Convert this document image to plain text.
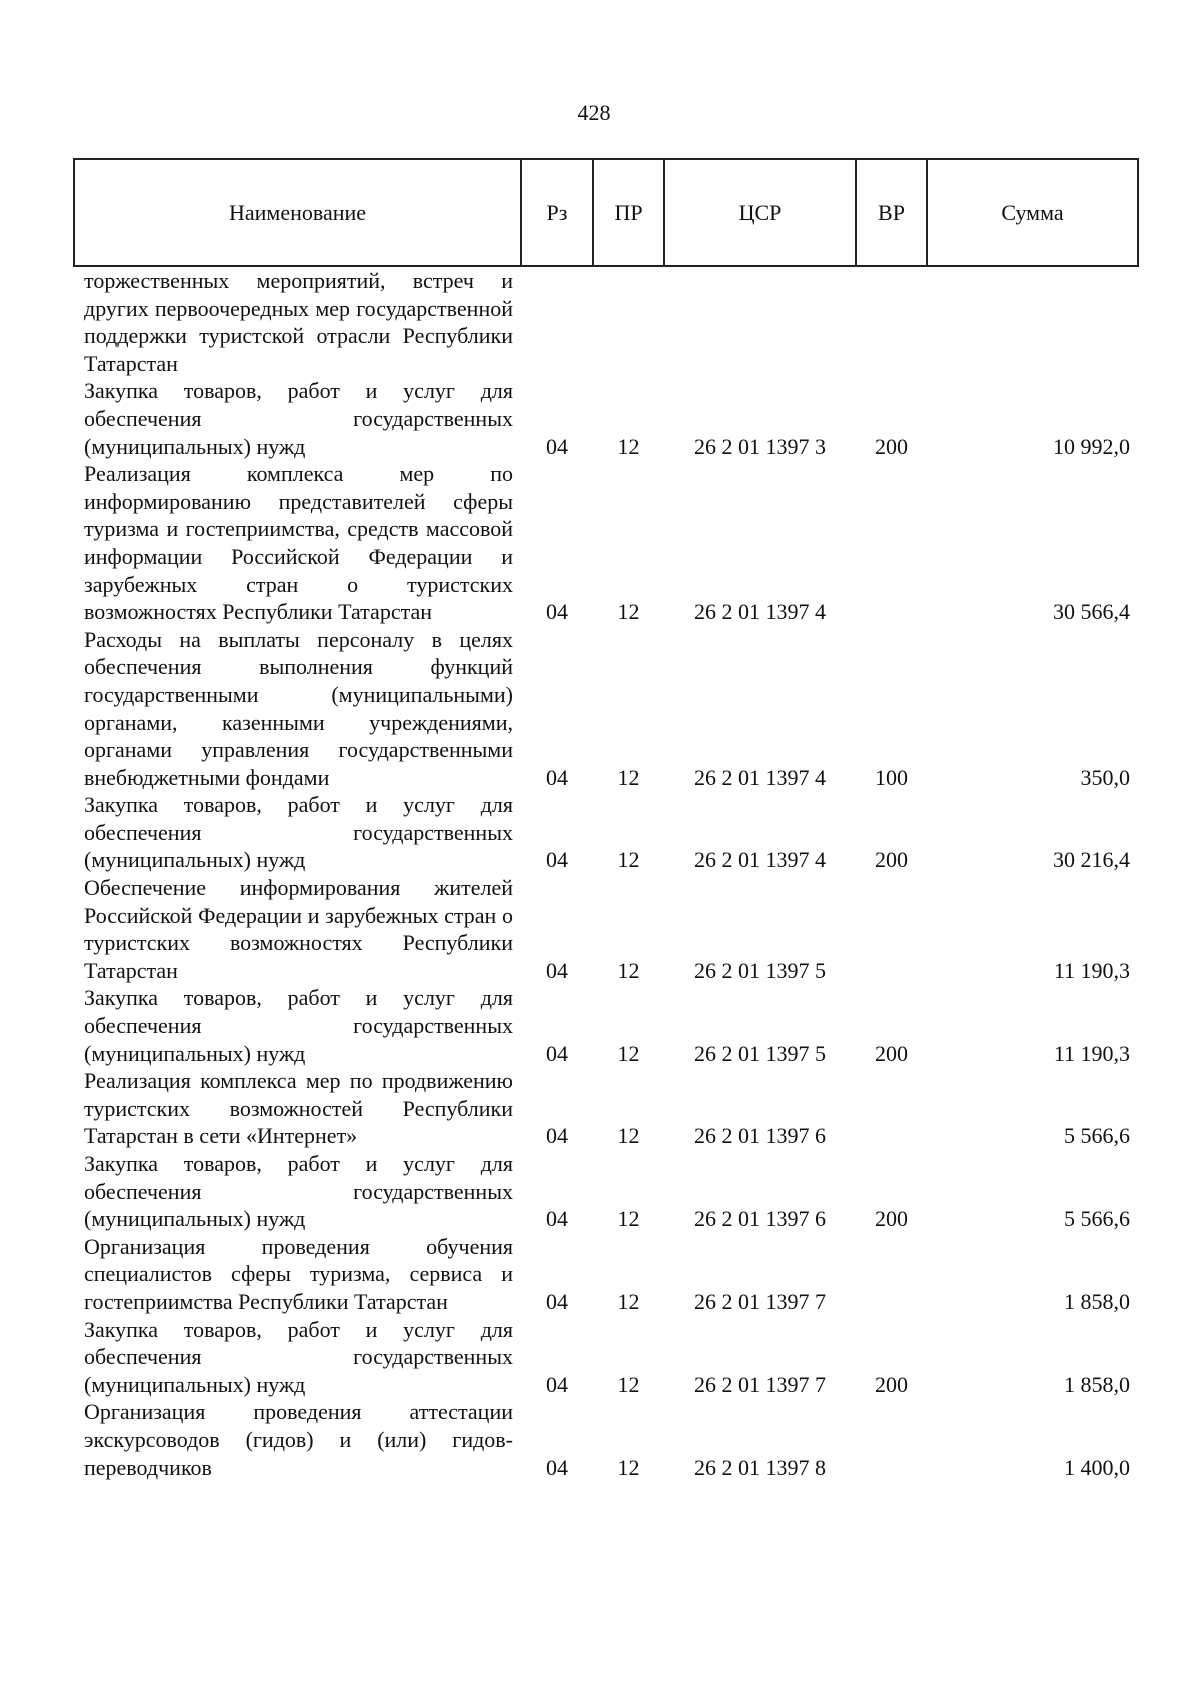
428
Наименование	Рз	ПР	ЦСР	ВР	Сумма
торжественных мероприятий, встреч и других первоочередных мер государственной поддержки туристской отрасли Республики Татарстан					
Закупка товаров, работ и услуг для обеспечения государственных (муниципальных) нужд	04	12	26 2 01 1397 3	200	10 992,0
Реализация комплекса мер по информированию представителей сферы туризма и гостеприимства, средств массовой информации Российской Федерации и зарубежных стран о туристских возможностях Республики Татарстан	04	12	26 2 01 1397 4		30 566,4
Расходы на выплаты персоналу в целях обеспечения выполнения функций государственными (муниципальными) органами, казенными учреждениями, органами управления государственными внебюджетными фондами	04	12	26 2 01 1397 4	100	350,0
Закупка товаров, работ и услуг для обеспечения государственных (муниципальных) нужд	04	12	26 2 01 1397 4	200	30 216,4
Обеспечение информирования жителей Российской Федерации и зарубежных стран о туристских возможностях Республики Татарстан	04	12	26 2 01 1397 5		11 190,3
Закупка товаров, работ и услуг для обеспечения государственных (муниципальных) нужд	04	12	26 2 01 1397 5	200	11 190,3
Реализация комплекса мер по продвижению туристских возможностей Республики Татарстан в сети «Интернет»	04	12	26 2 01 1397 6		5 566,6
Закупка товаров, работ и услуг для обеспечения государственных (муниципальных) нужд	04	12	26 2 01 1397 6	200	5 566,6
Организация проведения обучения специалистов сферы туризма, сервиса и гостеприимства Республики Татарстан	04	12	26 2 01 1397 7		1 858,0
Закупка товаров, работ и услуг для обеспечения государственных (муниципальных) нужд	04	12	26 2 01 1397 7	200	1 858,0
Организация проведения аттестации экскурсоводов (гидов) и (или) гидов-переводчиков	04	12	26 2 01 1397 8		1 400,0
